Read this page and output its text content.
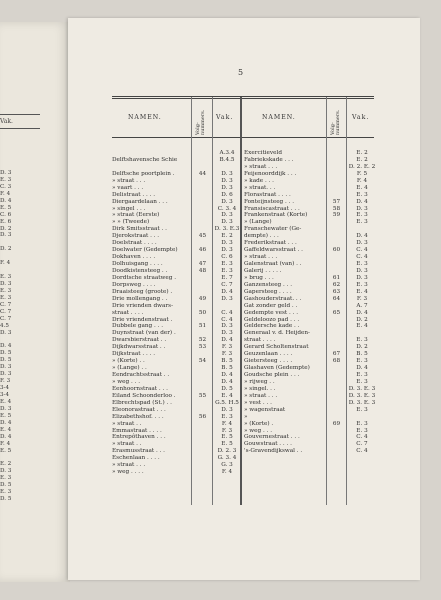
Vak.
D. 3
E. 3
C. 3
F. 4
D. 4
E. 5
C. 6
E. 6
D. 2
D. 3
D. 2
F. 4
E. 3
D. 3
E. 3
E. 3
C. 7
C. 7
C. 7
4.5
D. 3
D. 4
D. 5
D. 5
D. 3
D. 3
F. 3
3-4
3-4
E. 4
D. 3
E. 5
D. 4
E. 4
D. 4
F. 4
E. 5
E. 2
D. 3
E. 3
D. 5
E. 3
D. 5
5
NAMEN.
Volg-nummers. Vak.	NAMEN.
Volg-nummers. Vak.
Delftshavensche Schie
Delftsche poortplein .
» straat . . .
» vaart . . .
Delistraat . . . .
Diergaardelaan . . .
» singel . . .
» straat (Eerste)
» » (Tweede)
Dirk Smitsstraat . .
Djerokstraat . . .
Doelstraat . . . .
Doelwater (Gedempte)
Dokhaven . . . .
Dolhuisgang . . . .
Doodkistensteeg . .
Dordtsche straatweg .
Dorpsweg . . . .
Draaisteeg (groote) .
Drie mollengang . .
Drie vrienden dwars-
straat . . . .
Drie vriendenstraat .
Dubbele gang . . .
Duynstraat (van der) .
Dwarsbierstraat . .
Dijkdwarsstraat . .
Dijkstraat . . . .
» (Korte) . .
» (Lange) . .
Eendrachtsstraat . .
» weg . . .
Eenhoornstraat . . .
Eiland Schoonderloo .
Elbrechtspad (St.) . .
Eleonorastraat . . .
Elizabethshof. . . .
» straat . .
Emmastraat . . . .
Entrepôthaven . . .
» straat . .
Erasmusstraat . . .
Eschenlaan . . . .
» straat . . .
» weg . . . .
44
45
46
47
48
49
50
51
52
53
54
55
56
A.3.4
B.4.5
D. 3
D. 3
D. 3
D. 6
D. 3
C. 3. 4
D. 3
D. 3
D. 3. E.3
E. 2
D. 3
D. 3
C. 6
E. 3
E. 3
E. 7
C. 7
D. 4
D. 3
C. 4
C. 4
D. 3
D. 3
D. 4
F. 3
F. 3
B. 5
B. 5
D. 4
D. 4
D. 5
E. 4
G.5. H.5
D. 3
E. 3
F. 4
F. 3
E. 5
E. 5
D. 2. 3
G. 3. 4
G. 3
F. 4
Exercitieveld
Fabriekskade . . .
» straat . . .
Feijenoorddijk . . .
» kade . . .
» straat. . .
Florastraat . . . .
Fonteijnsteeg . . .
Fransiscastraat . . .
Frankenstraat (Korte)
» (Lange)
Franschewater (Ge-
dempte) . . .
Frederikstraat . . .
Gaffeldwarsstraat . .
» straat . . .
Galenstraat (van) . .
Galerij . . . . .
» brug . . .
Ganzensteeg . . .
Gapersteeg . . . .
Gashouderstraat. . .
Gat zonder geld . .
Gedempte vest . . .
Geldeloozo pad . . .
Geldersche kade . .
Generaal v. d. Heijden-
straat . . . .
Gerard Scholtenstraat
Geuzenlaan . . . .
Gietersteeg . . . .
Glashaven (Gedempte)
Goudsche plein . . .
» rijweg . .
» singel. . .
» straat . . .
» vest . . .
» wagenstraat
»
» (Korte) .
» weg . . .
Gouvernestraat . . .
Gouwstraat . . . .
's-Gravendijkswal . .
57
58
59
60
61
62
63
64
65
67
68
69
E. 2
E. 2
D. 2. E. 2
F. 5
F. 4
E. 4
E. 3
D. 4
D. 3
E. 3
E. 3
D. 4
D. 3
C. 4
C. 4
E. 3
D. 3
D. 3
E. 3
E. 4
F. 3
A. 7
D. 4
D. 2
E. 4
E. 3
D. 2
B. 5
E. 3
D. 4
E. 3
E. 3
D. 3. E. 3
D. 3. E. 3
D. 3. E. 3
E. 3
E. 3
E. 3
C. 4
C. 7
C. 4
